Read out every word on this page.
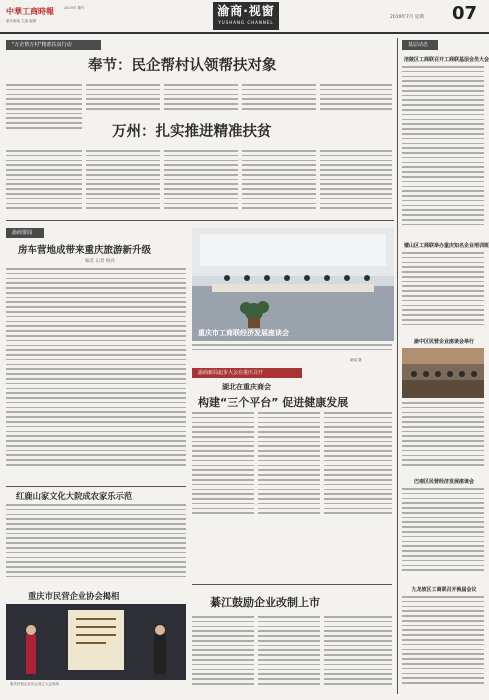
中華工商時報
重庆新闻 主编 编辑
2019年 期号	渝商·视窗
YUSHANG CHANNEL
2019年7月 星期 07
"万企帮万村"精准扶贫行动
奉节：民企帮村认领帮扶对象
万州：扎实推进精准扶贫
渝商要闻
房车营地成带来重庆旅游新升级
编者 记者 杨亮
重庆市工商联经济发展座谈会
新闻 摄
渝商新局起步大会在重庆召开
湖北在重庆商会
构建“三个平台” 促进健康发展
红鹿山家文化大院成农家乐示范
重庆市民营企业协会揭相
重庆民营企业协会成立大会现场
綦江鼓励企业改制上市
基层动态
涪陵区工商联召开工商联基层会员大会
璧山区工商联举办重庆知名企业培训班
渝中区民营企业座谈会举行
巴南区民营经济发展座谈会
九龙坡区工商联召开换届会议
